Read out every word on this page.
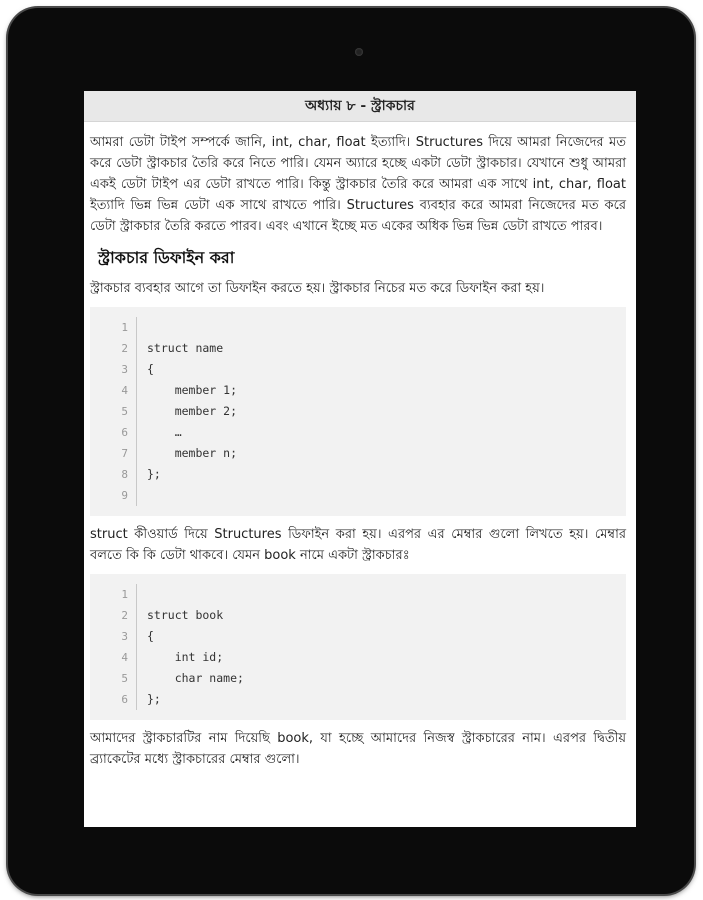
অধ্যায় ৮ - স্ট্রাকচার

আমরা ডেটা টাইপ সম্পর্কে জানি, int, char, float ইত্যাদি। Structures দিয়ে আমরা নিজেদের মত করে ডেটা স্ট্রাকচার তৈরি করে নিতে পারি। যেমন অ্যারে হচ্ছে একটা ডেটা স্ট্রাকচার। যেখানে শুধু আমরা একই ডেটা টাইপ এর ডেটা রাখতে পারি। কিন্তু স্ট্রাকচার তৈরি করে আমরা এক সাথে int, char, float ইত্যাদি ভিন্ন ভিন্ন ডেটা এক সাথে রাখতে পারি। Structures ব্যবহার করে আমরা নিজেদের মত করে ডেটা স্ট্রাকচার তৈরি করতে পারব। এবং এখানে ইচ্ছে মত একের অধিক ভিন্ন ভিন্ন ডেটা রাখতে পারব।

স্ট্রাকচার ডিফাইন করা

স্ট্রাকচার ব্যবহার আগে তা ডিফাইন করতে হয়। স্ট্রাকচার নিচের মত করে ডিফাইন করা হয়।

1
2
3
4
5
6
7
8
9

struct name
{
member 1;
member 2;
…
member n;
};

struct কীওয়ার্ড দিয়ে Structures ডিফাইন করা হয়। এরপর এর মেম্বার গুলো লিখতে হয়। মেম্বার বলতে কি কি ডেটা থাকবে। যেমন book নামে একটা স্ট্রাকচারঃ

1
2
3
4
5
6

struct book
{
int id;
char name;
};

আমাদের স্ট্রাকচারটির নাম দিয়েছি book, যা হচ্ছে আমাদের নিজস্ব স্ট্রাকচারের নাম। এরপর দ্বিতীয় ব্র্যাকেটের মধ্যে স্ট্রাকচারের মেম্বার গুলো।
